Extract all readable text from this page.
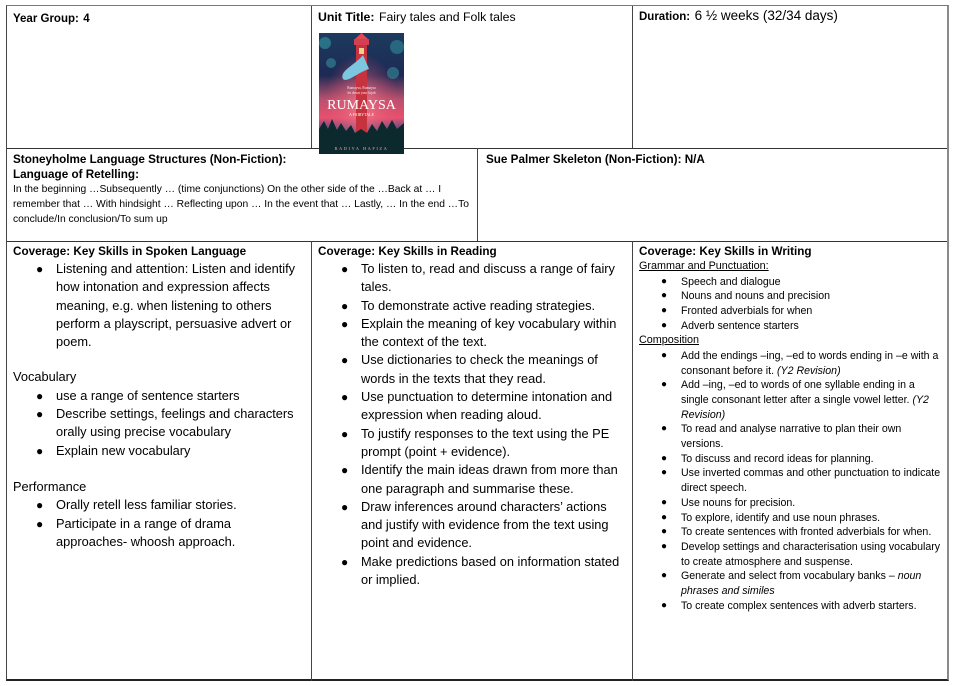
Year Group: 4	Unit Title: Fairy tales and Folk tales
Rumaysa, Rumaysa
let down your hijab
RUMAYSA
A FAIRYTALE
RADIYA HAFIZA
Duration: 6 ½ weeks (32/34 days)
Stoneyholme Language Structures (Non-Fiction):
Language of Retelling:
In the beginning …Subsequently … (time conjunctions) On the other side of the …Back at … I remember that … With hindsight … Reflecting upon … In the event that … Lastly, … In the end …To conclude/In conclusion/To sum up
Sue Palmer Skeleton (Non-Fiction): N/A
Coverage: Key Skills in Spoken Language
● Listening and attention: Listen and identify how intonation and expression affects meaning, e.g. when listening to others perform a playscript, persuasive advert or poem.
Vocabulary
● use a range of sentence starters
● Describe settings, feelings and characters orally using precise vocabulary
● Explain new vocabulary
Performance
● Orally retell less familiar stories.
● Participate in a range of drama approaches- whoosh approach.
Coverage: Key Skills in Reading
● To listen to, read and discuss a range of fairy tales.
● To demonstrate active reading strategies.
● Explain the meaning of key vocabulary within the context of the text.
● Use dictionaries to check the meanings of words in the texts that they read.
● Use punctuation to determine intonation and expression when reading aloud.
● To justify responses to the text using the PE prompt (point + evidence).
● Identify the main ideas drawn from more than one paragraph and summarise these.
● Draw inferences around characters’ actions and justify with evidence from the text using point and evidence.
● Make predictions based on information stated or implied.
Coverage: Key Skills in Writing
Grammar and Punctuation:
● Speech and dialogue
● Nouns and nouns and precision
● Fronted adverbials for when
● Adverb sentence starters
Composition
● Add the endings –ing, –ed to words ending in –e with a consonant before it. (Y2 Revision)
● Add –ing, –ed to words of one syllable ending in a single consonant letter after a single vowel letter. (Y2 Revision)
● To read and analyse narrative to plan their own versions.
● To discuss and record ideas for planning.
● Use inverted commas and other punctuation to indicate direct speech.
● Use nouns for precision.
● To explore, identify and use noun phrases.
● To create sentences with fronted adverbials for when.
● Develop settings and characterisation using vocabulary to create atmosphere and suspense.
● Generate and select from vocabulary banks – noun phrases and similes
● To create complex sentences with adverb starters.
